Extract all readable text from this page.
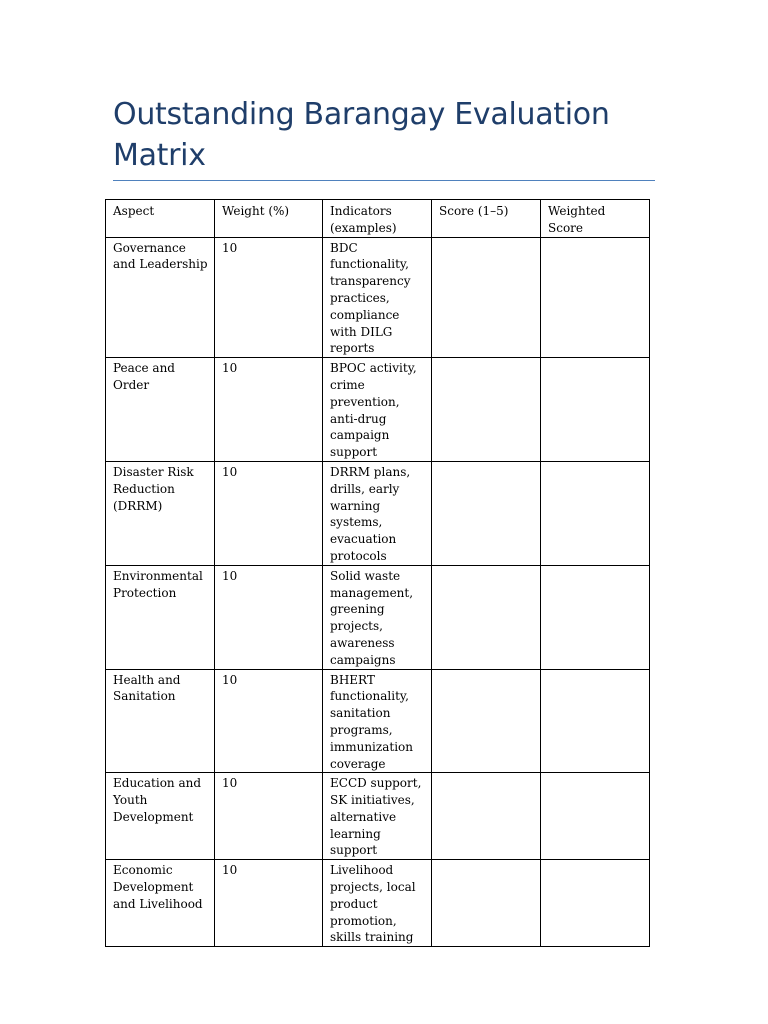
Outstanding Barangay Evaluation Matrix
Aspect	Weight (%)	Indicators (examples)	Score (1–5)	Weighted Score
Governance and Leadership	10	BDC functionality, transparency practices, compliance with DILG reports		
Peace and Order	10	BPOC activity, crime prevention, anti-drug campaign support		
Disaster Risk Reduction (DRRM)	10	DRRM plans, drills, early warning systems, evacuation protocols		
Environmental Protection	10	Solid waste management, greening projects, awareness campaigns		
Health and Sanitation	10	BHERT functionality, sanitation programs, immunization coverage		
Education and Youth Development	10	ECCD support, SK initiatives, alternative learning support		
Economic Development and Livelihood	10	Livelihood projects, local product promotion, skills training		
